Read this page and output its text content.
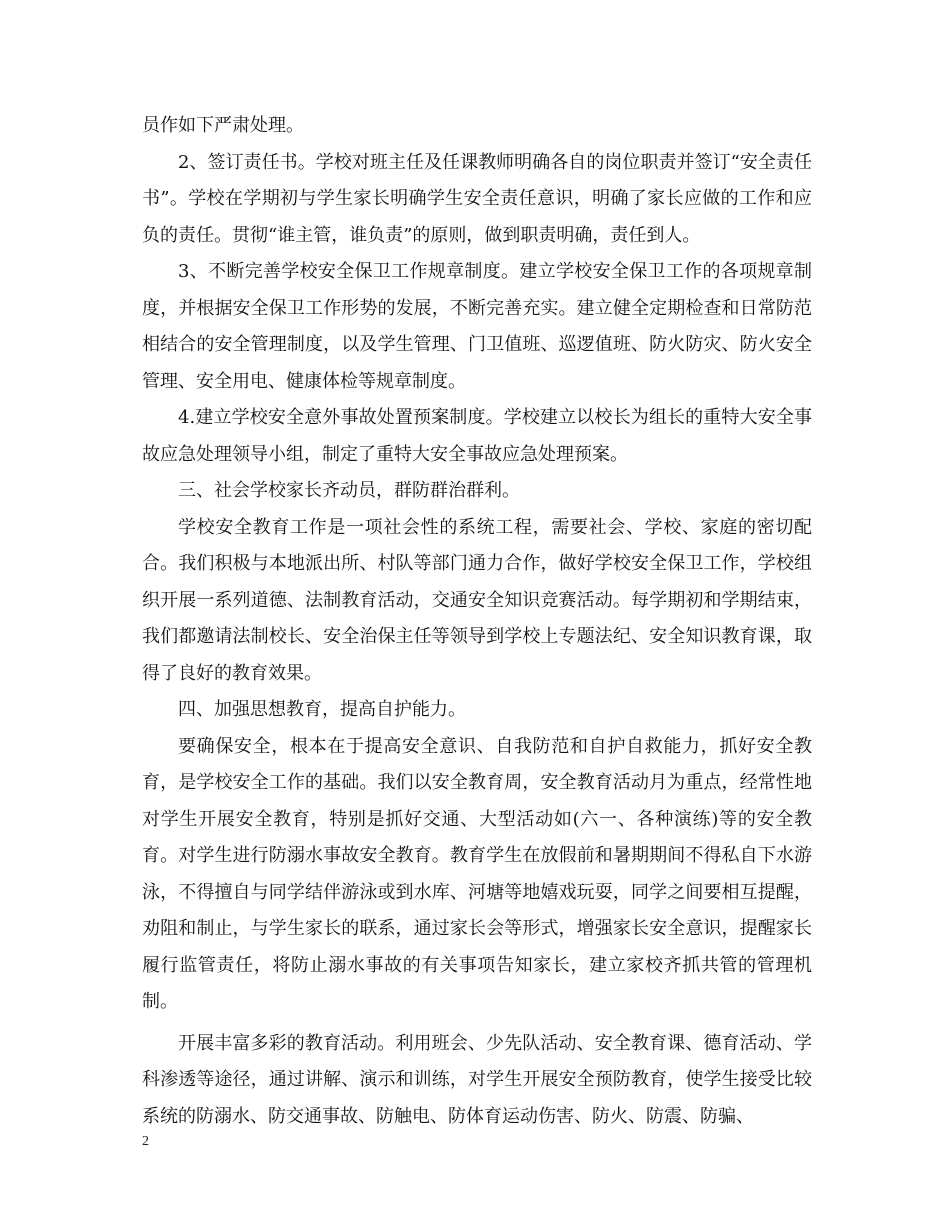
员作如下严肃处理。

2、签订责任书。学校对班主任及任课教师明确各自的岗位职责并签订“安全责任书”。学校在学期初与学生家长明确学生安全责任意识，明确了家长应做的工作和应负的责任。贯彻“谁主管，谁负责”的原则，做到职责明确，责任到人。

3、不断完善学校安全保卫工作规章制度。建立学校安全保卫工作的各项规章制度，并根据安全保卫工作形势的发展，不断完善充实。建立健全定期检查和日常防范相结合的安全管理制度，以及学生管理、门卫值班、巡逻值班、防火防灾、防火安全管理、安全用电、健康体检等规章制度。

4.建立学校安全意外事故处置预案制度。学校建立以校长为组长的重特大安全事故应急处理领导小组，制定了重特大安全事故应急处理预案。

三、社会学校家长齐动员，群防群治群利。

学校安全教育工作是一项社会性的系统工程，需要社会、学校、家庭的密切配合。我们积极与本地派出所、村队等部门通力合作，做好学校安全保卫工作，学校组织开展一系列道德、法制教育活动，交通安全知识竞赛活动。每学期初和学期结束，我们都邀请法制校长、安全治保主任等领导到学校上专题法纪、安全知识教育课，取得了良好的教育效果。

四、加强思想教育，提高自护能力。

要确保安全，根本在于提高安全意识、自我防范和自护自救能力，抓好安全教育，是学校安全工作的基础。我们以安全教育周，安全教育活动月为重点，经常性地对学生开展安全教育，特别是抓好交通、大型活动如(六一、各种演练)等的安全教育。对学生进行防溺水事故安全教育。教育学生在放假前和暑期期间不得私自下水游泳，不得擅自与同学结伴游泳或到水库、河塘等地嬉戏玩耍，同学之间要相互提醒，劝阻和制止，与学生家长的联系，通过家长会等形式，增强家长安全意识，提醒家长履行监管责任，将防止溺水事故的有关事项告知家长，建立家校齐抓共管的管理机制。

开展丰富多彩的教育活动。利用班会、少先队活动、安全教育课、德育活动、学科渗透等途径，通过讲解、演示和训练，对学生开展安全预防教育，使学生接受比较系统的防溺水、防交通事故、防触电、防体育运动伤害、防火、防震、防骗、

2
